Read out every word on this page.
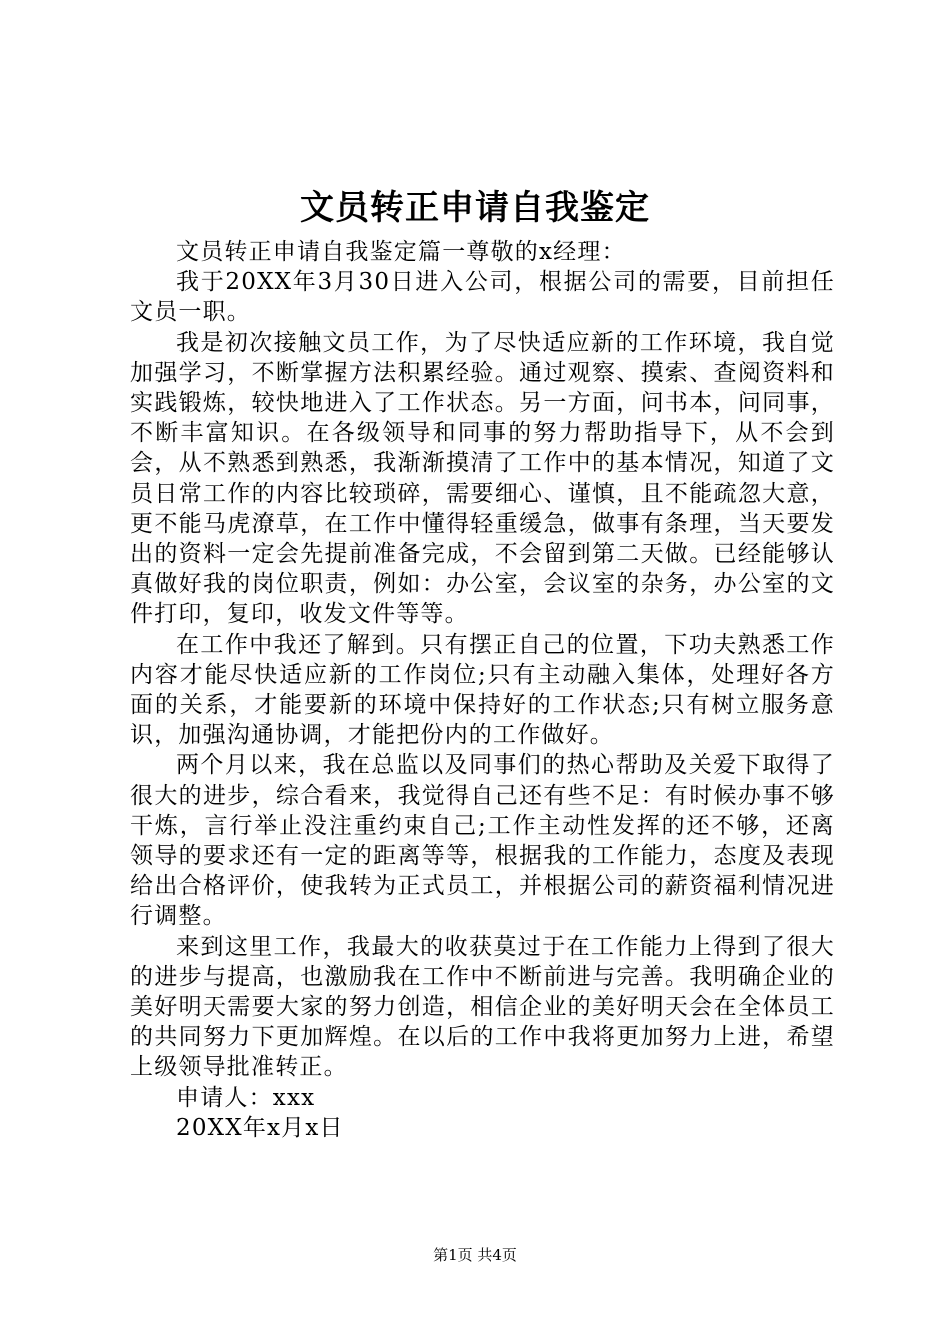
文员转正申请自我鉴定

文员转正申请自我鉴定篇一尊敬的x经理：

我于20XX年3月30日进入公司，根据公司的需要，目前担任文员一职。

我是初次接触文员工作，为了尽快适应新的工作环境，我自觉加强学习，不断掌握方法积累经验。通过观察、摸索、查阅资料和实践锻炼，较快地进入了工作状态。另一方面，问书本，问同事，不断丰富知识。在各级领导和同事的努力帮助指导下，从不会到会，从不熟悉到熟悉，我渐渐摸清了工作中的基本情况，知道了文员日常工作的内容比较琐碎，需要细心、谨慎，且不能疏忽大意，更不能马虎潦草，在工作中懂得轻重缓急，做事有条理，当天要发出的资料一定会先提前准备完成，不会留到第二天做。已经能够认真做好我的岗位职责，例如：办公室，会议室的杂务，办公室的文件打印，复印，收发文件等等。

在工作中我还了解到。只有摆正自己的位置，下功夫熟悉工作内容才能尽快适应新的工作岗位;只有主动融入集体，处理好各方面的关系，才能要新的环境中保持好的工作状态;只有树立服务意识，加强沟通协调，才能把份内的工作做好。

两个月以来，我在总监以及同事们的热心帮助及关爱下取得了很大的进步，综合看来，我觉得自己还有些不足：有时候办事不够干炼，言行举止没注重约束自己;工作主动性发挥的还不够，还离领导的要求还有一定的距离等等，根据我的工作能力，态度及表现给出合格评价，使我转为正式员工，并根据公司的薪资福利情况进行调整。

来到这里工作，我最大的收获莫过于在工作能力上得到了很大的进步与提高，也激励我在工作中不断前进与完善。我明确企业的美好明天需要大家的努力创造，相信企业的美好明天会在全体员工的共同努力下更加辉煌。在以后的工作中我将更加努力上进，希望上级领导批准转正。

申请人：xxx

20XX年x月x日

第1页 共4页
